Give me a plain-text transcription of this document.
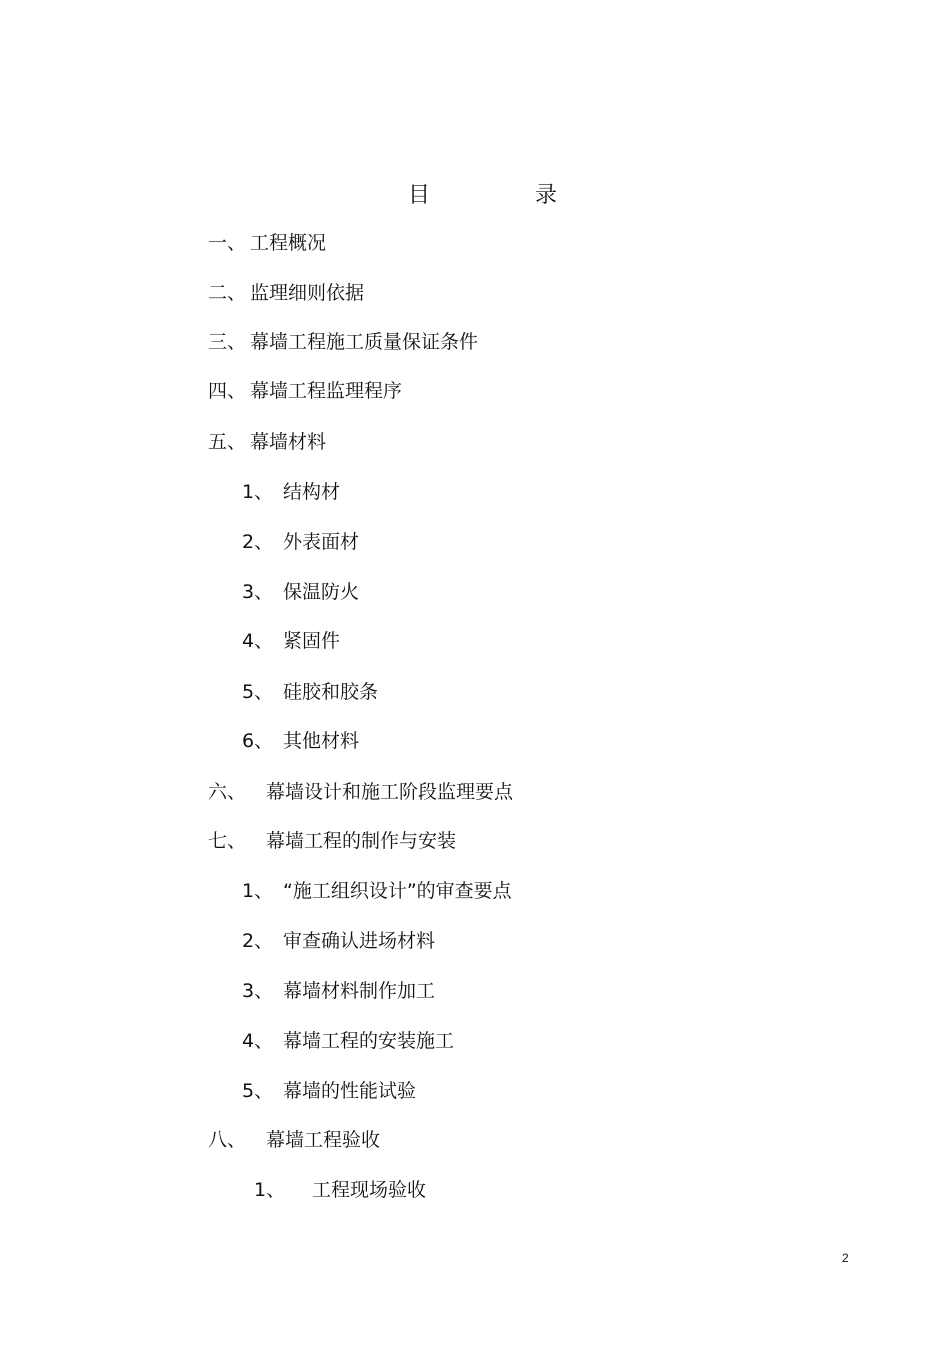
目	录
一、 工程概况
二、 监理细则依据
三、 幕墙工程施工质量保证条件
四、 幕墙工程监理程序
五、 幕墙材料
1、 结构材
2、 外表面材
3、 保温防火
4、 紧固件
5、 硅胶和胶条
6、 其他材料
六、 幕墙设计和施工阶段监理要点
七、 幕墙工程的制作与安装
1、 “施工组织设计”的审查要点
2、 审查确认进场材料
3、 幕墙材料制作加工
4、 幕墙工程的安装施工
5、 幕墙的性能试验
八、 幕墙工程验收
1、 工程现场验收
2
